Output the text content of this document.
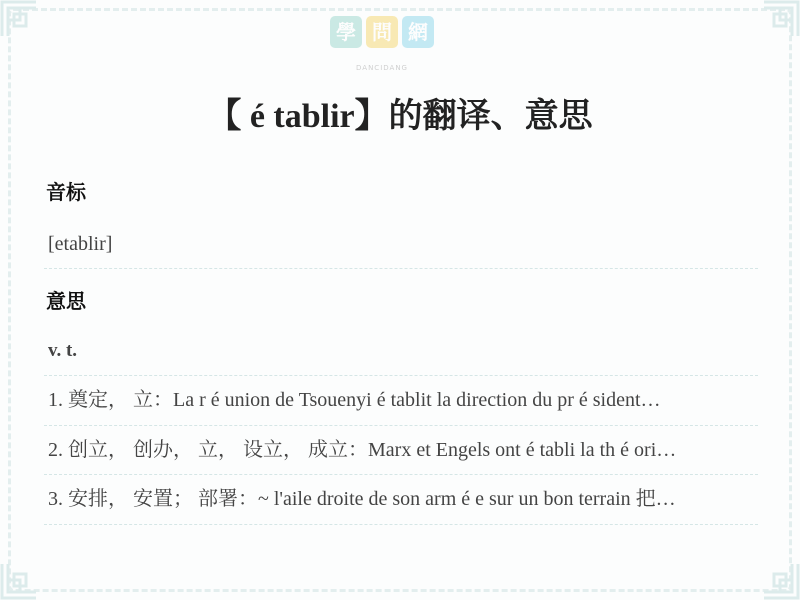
學 問 網
DANCIDANG
【 é tablir】的翻译、意思
音标
[etablir]
意思
v. t.
1. 奠定， 立：La r é union de Tsouenyi é tablit la direction du pr é sident…
2. 创立， 创办， 立， 设立， 成立：Marx et Engels ont é tabli la th é ori…
3. 安排， 安置； 部署：~ l'aile droite de son arm é e sur un bon terrain 把…
